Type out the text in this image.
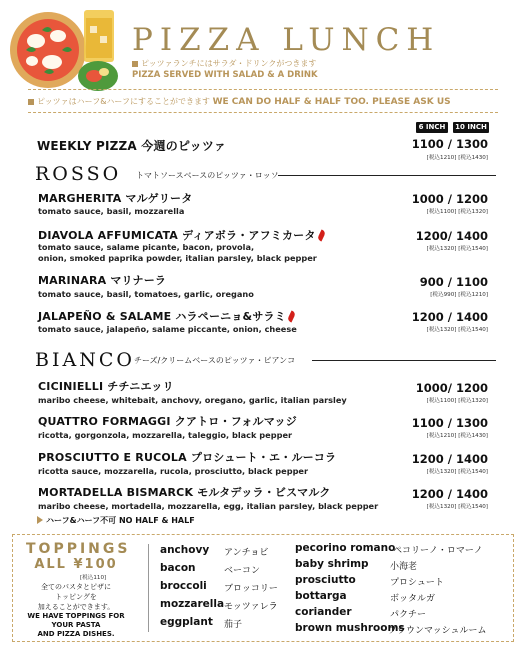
PIZZA LUNCH
ピッツァランチにはサラダ・ドリンクがつきます
PIZZA SERVED WITH SALAD & A DRINK
ピッツァはハーフ&ハーフにすることができます WE CAN DO HALF & HALF TOO. PLEASE ASK US
6 INCH	10 INCH
WEEKLY PIZZA 今週のピッツァ	1100 / 1300
[税込1210] [税込1430]
ROSSO トマトソースベースのピッツァ・ロッソ
MARGHERITA マルゲリータ
tomato sauce, basil, mozzarella
1000 / 1200
[税込1100] [税込1320]
DIAVOLA AFFUMICATA ディアボラ・アフミカータ
tomato sauce, salame picante, bacon, provola,
onion, smoked paprika powder, italian parsley, black pepper
1200/ 1400
[税込1320] [税込1540]
MARINARA マリナーラ
tomato sauce, basil, tomatoes, garlic, oregano
900 / 1100
[税込990] [税込1210]
JALAPEÑO & SALAME ハラペーニョ&サラミ
tomato sauce, jalapeño, salame piccante, onion, cheese
1200 / 1400
[税込1320] [税込1540]
BIANCO チーズ/クリームベースのピッツァ・ビアンコ
CICINIELLI チチニエッリ
maribo cheese, whitebait, anchovy, oregano, garlic, italian parsley
1000/ 1200
[税込1100] [税込1320]
QUATTRO FORMAGGI クアトロ・フォルマッジ
ricotta, gorgonzola, mozzarella, taleggio, black pepper
1100 / 1300
[税込1210] [税込1430]
PROSCIUTTO E RUCOLA プロシュート・エ・ルーコラ
ricotta sauce, mozzarella, rucola, prosciutto, black pepper
1200 / 1400
[税込1320] [税込1540]
MORTADELLA BISMARCK モルタデッラ・ビスマルク
maribo cheese, mortadella, mozzarella, egg, italian parsley, black pepper
1200 / 1400
[税込1320] [税込1540]
ハーフ&ハーフ不可 NO HALF & HALF
TOPPINGS
ALL ¥100
[税込110]
全てのパスタとピザに
トッピングを
加えることができます。
WE HAVE TOPPINGS FOR
YOUR PASTA
AND PIZZA DISHES.
anchovy アンチョビ
bacon	ベーコン
broccoli ブロッコリー
mozzarella モッツァレラ
eggplant 茄子
pecorino romano
ペコリーノ・ロマーノ
baby shrimp 小海老
prosciutto	プロシュート
bottarga	ボッタルガ
coriander	パクチー
brown mushrooms
ブラウンマッシュルーム
